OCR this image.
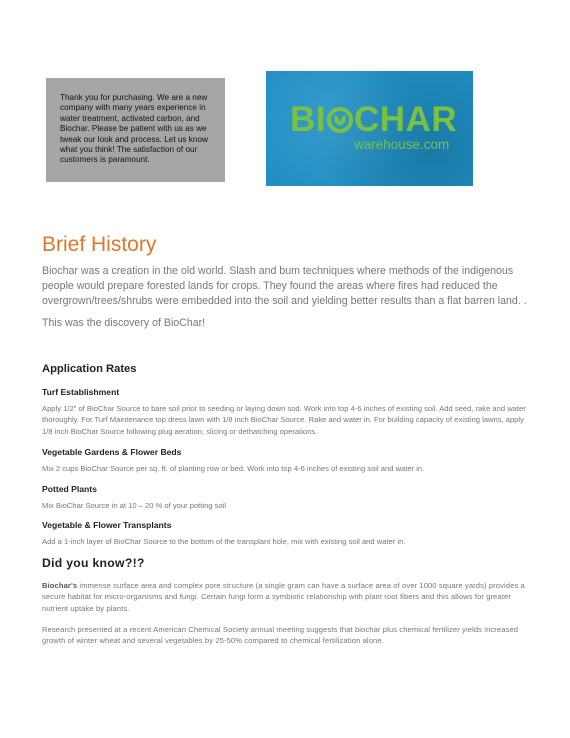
Thank you for purchasing. We are a new company with many years experience in water treatment, activated carbon, and Biochar. Please be patient with us as we tweak our look and process. Let us know what you think! The satisfaction of our customers is paramount.
BI CHAR
warehouse.com
Brief History
Biochar was a creation in the old world. Slash and bum techniques where methods of the indigenous people would prepare forested lands for crops. They found the areas where fires had reduced the overgrown/trees/shrubs were embedded into the soil and yielding better results than a flat barren land. .
This was the discovery of BioChar!
Application Rates
Turf Establishment
Apply 1/2" of BioChar Source to bare soil prior to seeding or laying down sod. Work into top 4-6 inches of existing soil. Add seed, rake and water thoroughly. For Turf Maintenance top dress lawn with 1/8 inch BioChar Source. Rake and water in. For building capacity of existing lawns, apply 1/8 inch BioChar Source following plug aeration, slicing or dethatching operations.
Vegetable Gardens & Flower Beds
Mix 2 cups BioChar Source per sq. ft. of planting row or bed. Work into top 4-6 inches of existing soil and water in.
Potted Plants
Mix BioChar Source in at 10 – 20 % of your potting soil
Vegetable & Flower Transplants
Add a 1-inch layer of BioChar Source to the bottom of the transplant hole, mix with existing soil and water in.
Did you know?!?
Biochar's immense surface area and complex pore structure (a single gram can have a surface area of over 1000 square yards) provides a secure habitat for micro-organisms and fungi. Certain fungi form a symbiotic relationship with plant root fibers and this allows for greater nutrient uptake by plants.
Research presented at a recent American Chemical Society annual meeting suggests that biochar plus chemical fertilizer yields increased growth of winter wheat and several vegetables by 25-50% compared to chemical fertilization alone.
